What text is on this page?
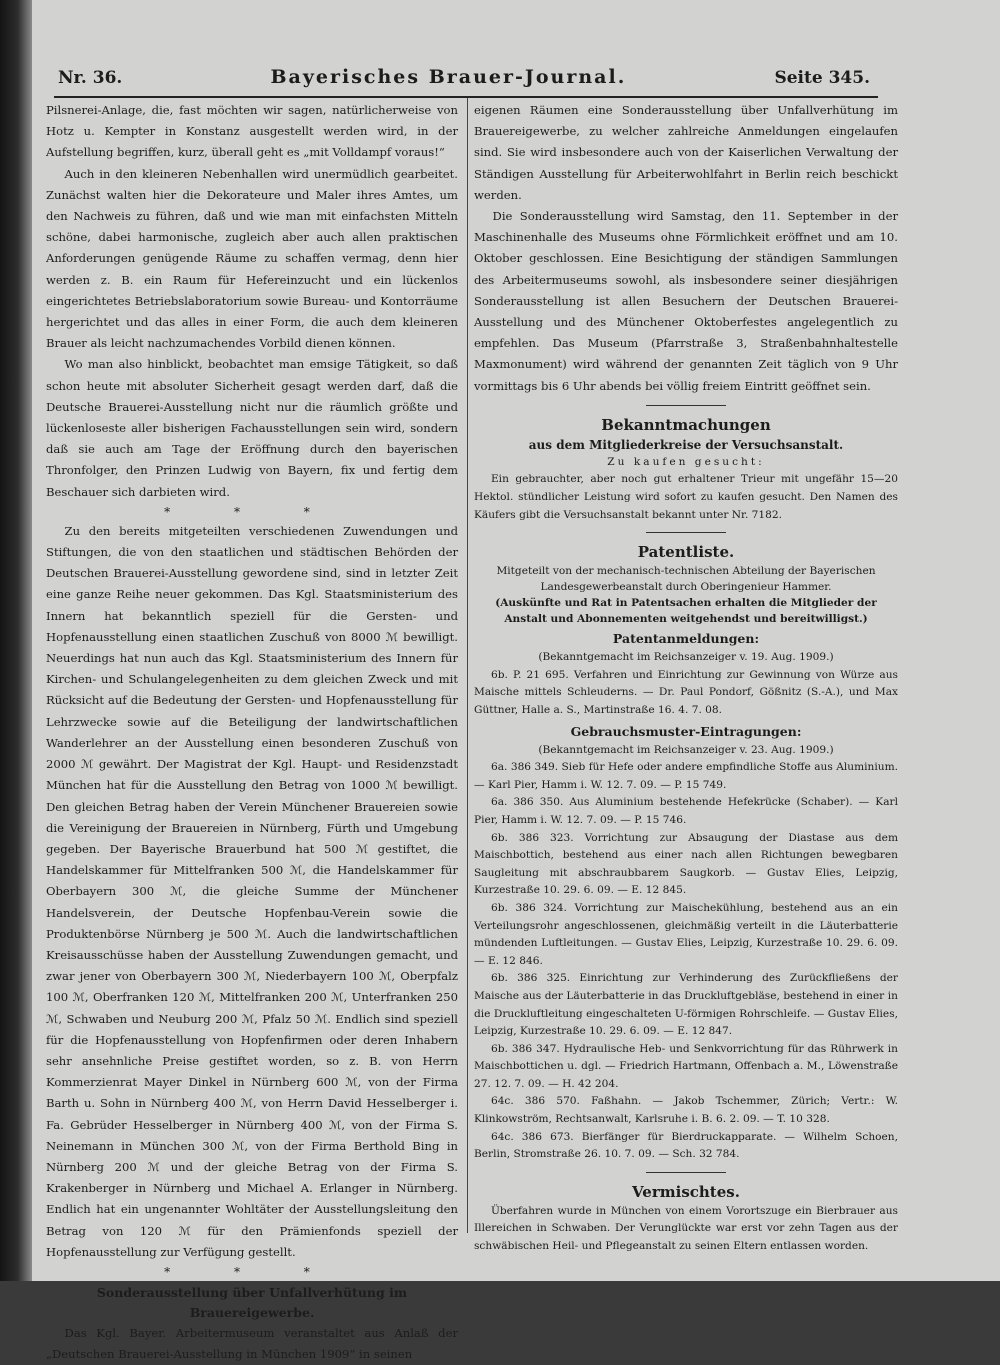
Nr. 36.	Bayerisches Brauer-Journal.	Seite 345.

Pilsnerei-Anlage, die, fast möchten wir sagen, natürlicherweise von Hotz u. Kempter in Konstanz ausgestellt werden wird, in der Aufstellung begriffen, kurz, überall geht es „mit Volldampf voraus!“

Auch in den kleineren Nebenhallen wird unermüdlich gearbeitet. Zunächst walten hier die Dekorateure und Maler ihres Amtes, um den Nachweis zu führen, daß und wie man mit einfachsten Mitteln schöne, dabei harmonische, zugleich aber auch allen praktischen Anforderungen genügende Räume zu schaffen vermag, denn hier werden z. B. ein Raum für Hefereinzucht und ein lückenlos eingerichtetes Betriebslaboratorium sowie Bureau- und Kontorräume hergerichtet und das alles in einer Form, die auch dem kleineren Brauer als leicht nachzumachendes Vorbild dienen können.

Wo man also hinblickt, beobachtet man emsige Tätigkeit, so daß schon heute mit absoluter Sicherheit gesagt werden darf, daß die Deutsche Brauerei-Ausstellung nicht nur die räumlich größte und lückenloseste aller bisherigen Fachausstellungen sein wird, sondern daß sie auch am Tage der Eröffnung durch den bayerischen Thronfolger, den Prinzen Ludwig von Bayern, fix und fertig dem Beschauer sich darbieten wird.

* * *

Zu den bereits mitgeteilten verschiedenen Zuwendungen und Stiftungen, die von den staatlichen und städtischen Behörden der Deutschen Brauerei-Ausstellung gewordene sind, sind in letzter Zeit eine ganze Reihe neuer gekommen. Das Kgl. Staatsministerium des Innern hat bekanntlich speziell für die Gersten- und Hopfenausstellung einen staatlichen Zuschuß von 8000 ℳ bewilligt. Neuerdings hat nun auch das Kgl. Staatsministerium des Innern für Kirchen- und Schulangelegenheiten zu dem gleichen Zweck und mit Rücksicht auf die Bedeutung der Gersten- und Hopfenausstellung für Lehrzwecke sowie auf die Beteiligung der landwirtschaftlichen Wanderlehrer an der Ausstellung einen besonderen Zuschuß von 2000 ℳ gewährt. Der Magistrat der Kgl. Haupt- und Residenzstadt München hat für die Ausstellung den Betrag von 1000 ℳ bewilligt. Den gleichen Betrag haben der Verein Münchener Brauereien sowie die Vereinigung der Brauereien in Nürnberg, Fürth und Umgebung gegeben. Der Bayerische Brauerbund hat 500 ℳ gestiftet, die Handelskammer für Mittelfranken 500 ℳ, die Handelskammer für Oberbayern 300 ℳ, die gleiche Summe der Münchener Handelsverein, der Deutsche Hopfenbau-Verein sowie die Produktenbörse Nürnberg je 500 ℳ. Auch die landwirtschaftlichen Kreisausschüsse haben der Ausstellung Zuwendungen gemacht, und zwar jener von Oberbayern 300 ℳ, Niederbayern 100 ℳ, Oberpfalz 100 ℳ, Oberfranken 120 ℳ, Mittelfranken 200 ℳ, Unterfranken 250 ℳ, Schwaben und Neuburg 200 ℳ, Pfalz 50 ℳ. Endlich sind speziell für die Hopfenausstellung von Hopfenfirmen oder deren Inhabern sehr ansehnliche Preise gestiftet worden, so z. B. von Herrn Kommerzienrat Mayer Dinkel in Nürnberg 600 ℳ, von der Firma Barth u. Sohn in Nürnberg 400 ℳ, von Herrn David Hesselberger i. Fa. Gebrüder Hesselberger in Nürnberg 400 ℳ, von der Firma S. Neinemann in München 300 ℳ, von der Firma Berthold Bing in Nürnberg 200 ℳ und der gleiche Betrag von der Firma S. Krakenberger in Nürnberg und Michael A. Erlanger in Nürnberg. Endlich hat ein ungenannter Wohltäter der Ausstellungsleitung den Betrag von 120 ℳ für den Prämienfonds speziell der Hopfenausstellung zur Verfügung gestellt.

* * *
Sonderausstellung über Unfallverhütung im Brauereigewerbe.

Das Kgl. Bayer. Arbeitermuseum veranstaltet aus Anlaß der „Deutschen Brauerei-Ausstellung in München 1909“ in seinen

eigenen Räumen eine Sonderausstellung über Unfallverhütung im Brauereigewerbe, zu welcher zahlreiche Anmeldungen eingelaufen sind. Sie wird insbesondere auch von der Kaiserlichen Verwaltung der Ständigen Ausstellung für Arbeiterwohlfahrt in Berlin reich beschickt werden.

Die Sonderausstellung wird Samstag, den 11. September in der Maschinenhalle des Museums ohne Förmlichkeit eröffnet und am 10. Oktober geschlossen. Eine Besichtigung der ständigen Sammlungen des Arbeitermuseums sowohl, als insbesondere seiner diesjährigen Sonderausstellung ist allen Besuchern der Deutschen Brauerei-Ausstellung und des Münchener Oktoberfestes angelegentlich zu empfehlen. Das Museum (Pfarrstraße 3, Straßenbahnhaltestelle Maxmonument) wird während der genannten Zeit täglich von 9 Uhr vormittags bis 6 Uhr abends bei völlig freiem Eintritt geöffnet sein.

Bekanntmachungen
aus dem Mitgliederkreise der Versuchsanstalt.

Zu kaufen gesucht:

Ein gebrauchter, aber noch gut erhaltener Trieur mit ungefähr 15—20 Hektol. stündlicher Leistung wird sofort zu kaufen gesucht. Den Namen des Käufers gibt die Versuchsanstalt bekannt unter Nr. 7182.

Patentliste.
Mitgeteilt von der mechanisch-technischen Abteilung der Bayerischen Landesgewerbeanstalt durch Oberingenieur Hammer.
(Auskünfte und Rat in Patentsachen erhalten die Mitglieder der Anstalt und Abonnementen weitgehendst und bereitwilligst.)
Patentanmeldungen:

(Bekanntgemacht im Reichsanzeiger v. 19. Aug. 1909.)

6b. P. 21 695. Verfahren und Einrichtung zur Gewinnung von Würze aus Maische mittels Schleuderns. — Dr. Paul Pondorf, Gößnitz (S.-A.), und Max Güttner, Halle a. S., Martinstraße 16. 4. 7. 08.

Gebrauchsmuster-Eintragungen:

(Bekanntgemacht im Reichsanzeiger v. 23. Aug. 1909.)

6a. 386 349. Sieb für Hefe oder andere empfindliche Stoffe aus Aluminium. — Karl Pier, Hamm i. W. 12. 7. 09. — P. 15 749.

6a. 386 350. Aus Aluminium bestehende Hefekrücke (Schaber). — Karl Pier, Hamm i. W. 12. 7. 09. — P. 15 746.

6b. 386 323. Vorrichtung zur Absaugung der Diastase aus dem Maischbottich, bestehend aus einer nach allen Richtungen bewegbaren Saugleitung mit abschraubbarem Saugkorb. — Gustav Elies, Leipzig, Kurzestraße 10. 29. 6. 09. — E. 12 845.

6b. 386 324. Vorrichtung zur Maischekühlung, bestehend aus an ein Verteilungsrohr angeschlossenen, gleichmäßig verteilt in die Läuterbatterie mündenden Luftleitungen. — Gustav Elies, Leipzig, Kurzestraße 10. 29. 6. 09. — E. 12 846.

6b. 386 325. Einrichtung zur Verhinderung des Zurückfließens der Maische aus der Läuterbatterie in das Druckluftgebläse, bestehend in einer in die Druckluftleitung eingeschalteten U-förmigen Rohrschleife. — Gustav Elies, Leipzig, Kurzestraße 10. 29. 6. 09. — E. 12 847.

6b. 386 347. Hydraulische Heb- und Senkvorrichtung für das Rührwerk in Maischbottichen u. dgl. — Friedrich Hartmann, Offenbach a. M., Löwenstraße 27. 12. 7. 09. — H. 42 204.

64c. 386 570. Faßhahn. — Jakob Tschemmer, Zürich; Vertr.: W. Klinkowström, Rechtsanwalt, Karlsruhe i. B. 6. 2. 09. — T. 10 328.

64c. 386 673. Bierfänger für Bierdruckapparate. — Wilhelm Schoen, Berlin, Stromstraße 26. 10. 7. 09. — Sch. 32 784.

Vermischtes.

Überfahren wurde in München von einem Vorortszuge ein Bierbrauer aus Illereichen in Schwaben. Der Verunglückte war erst vor zehn Tagen aus der schwäbischen Heil- und Pflegeanstalt zu seinen Eltern entlassen worden.
